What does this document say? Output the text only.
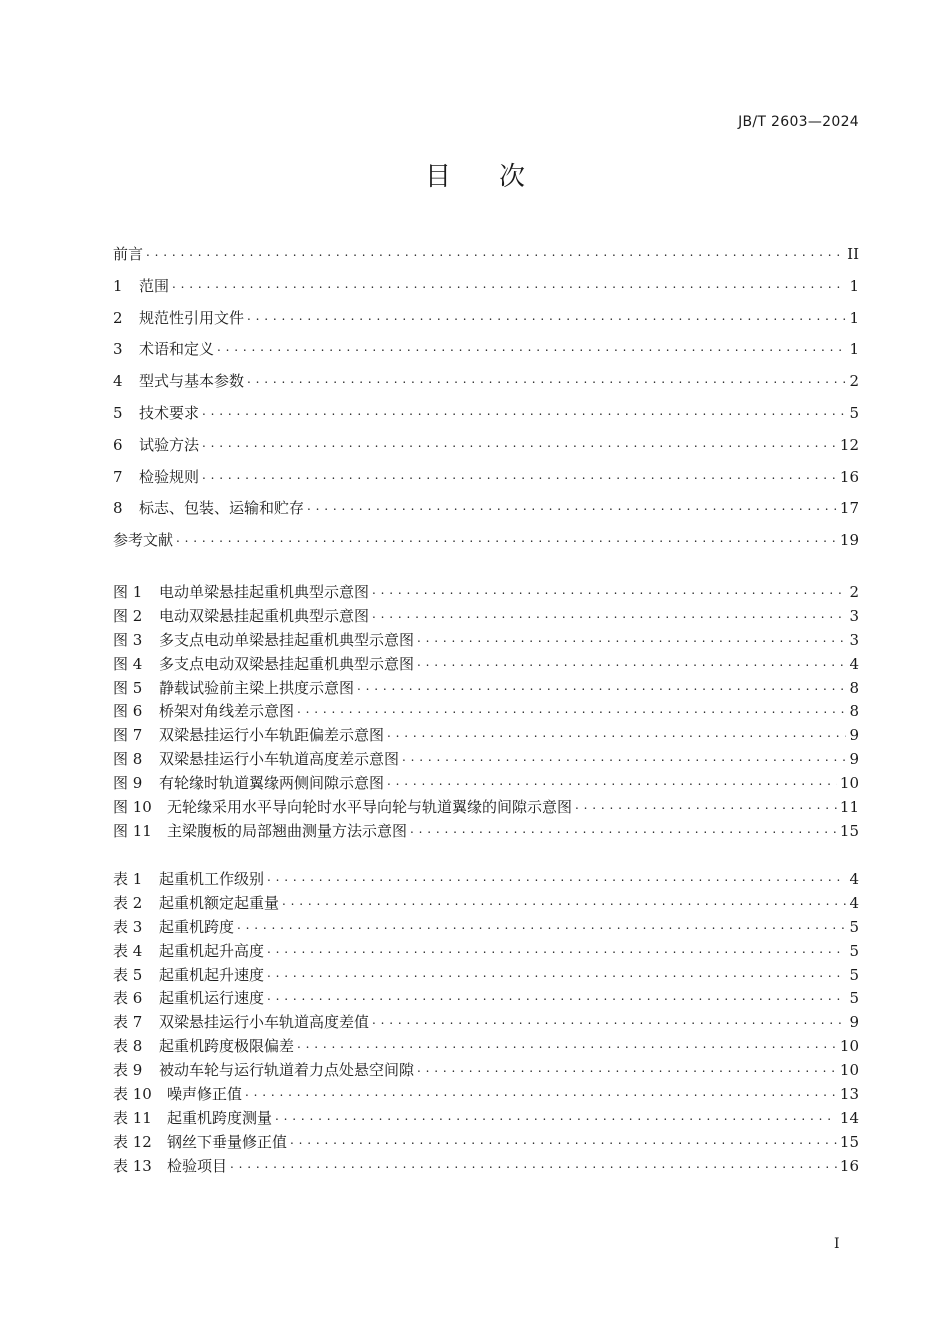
JB/T 2603—2024
目次
前言 . . .	II
1	范围 . . .	1
2	规范性引用文件 . . .	1
3	术语和定义 . . .	1
4	型式与基本参数 . . .	2
5	技术要求 . . .	5
6	试验方法 . . .	12
7	检验规则 . . .	16
8	标志、包装、运输和贮存 . . .	17
参考文献 . . .	19
图 1	电动单梁悬挂起重机典型示意图 . . .	2
图 2	电动双梁悬挂起重机典型示意图 . . .	3
图 3	多支点电动单梁悬挂起重机典型示意图 . . .	3
图 4	多支点电动双梁悬挂起重机典型示意图 . . .	4
图 5	静载试验前主梁上拱度示意图 . . .	8
图 6	桥架对角线差示意图 . . .	8
图 7	双梁悬挂运行小车轨距偏差示意图 . . .	9
图 8	双梁悬挂运行小车轨道高度差示意图 . . .	9
图 9	有轮缘时轨道翼缘两侧间隙示意图 . . .	10
图 10	无轮缘采用水平导向轮时水平导向轮与轨道翼缘的间隙示意图 . . .	11
图 11	主梁腹板的局部翘曲测量方法示意图 . . .	15
表 1	起重机工作级别 . . .	4
表 2	起重机额定起重量 . . .	4
表 3	起重机跨度 . . .	5
表 4	起重机起升高度 . . .	5
表 5	起重机起升速度 . . .	5
表 6	起重机运行速度 . . .	5
表 7	双梁悬挂运行小车轨道高度差值 . . .	9
表 8	起重机跨度极限偏差 . . .	10
表 9	被动车轮与运行轨道着力点处悬空间隙 . . .	10
表 10	噪声修正值 . . .	13
表 11	起重机跨度测量 . . .	14
表 12	钢丝下垂量修正值 . . .	15
表 13	检验项目 . . .	16
I
